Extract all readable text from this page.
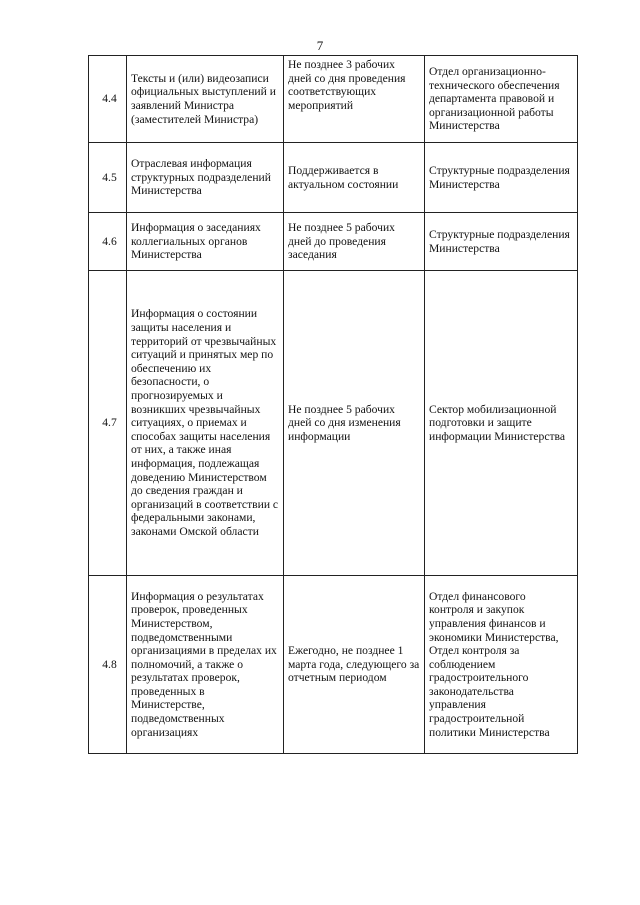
7
4.4	Тексты и (или) видеозаписи официальных выступлений и заявлений Министра (заместителей Министра)	Не позднее 3 рабочих дней со дня проведения соответствующих мероприятий	Отдел организационно-технического обеспечения департамента правовой и организационной работы Министерства
4.5	Отраслевая информация структурных подразделений Министерства	Поддерживается в актуальном состоянии	Структурные подразделения Министерства
4.6	Информация о заседаниях коллегиальных органов Министерства	Не позднее 5 рабочих дней до проведения заседания	Структурные подразделения Министерства
4.7	Информация о состоянии защиты населения и территорий от чрезвычайных ситуаций и принятых мер по обеспечению их безопасности, о прогнозируемых и возникших чрезвычайных ситуациях, о приемах и способах защиты населения от них, а также иная информация, подлежащая доведению Министерством до сведения граждан и организаций в соответствии с федеральными законами, законами Омской области	Не позднее 5 рабочих дней со дня изменения информации	Сектор мобилизационной подготовки и защите информации Министерства
4.8	Информация о результатах проверок, проведенных Министерством, подведомственными организациями в пределах их полномочий, а также о результатах проверок, проведенных в Министерстве, подведомственных организациях	Ежегодно, не позднее 1 марта года, следующего за отчетным периодом	Отдел финансового контроля и закупок управления финансов и экономики Министерства, Отдел контроля за соблюдением градостроительного законодательства управления градостроительной политики Министерства
